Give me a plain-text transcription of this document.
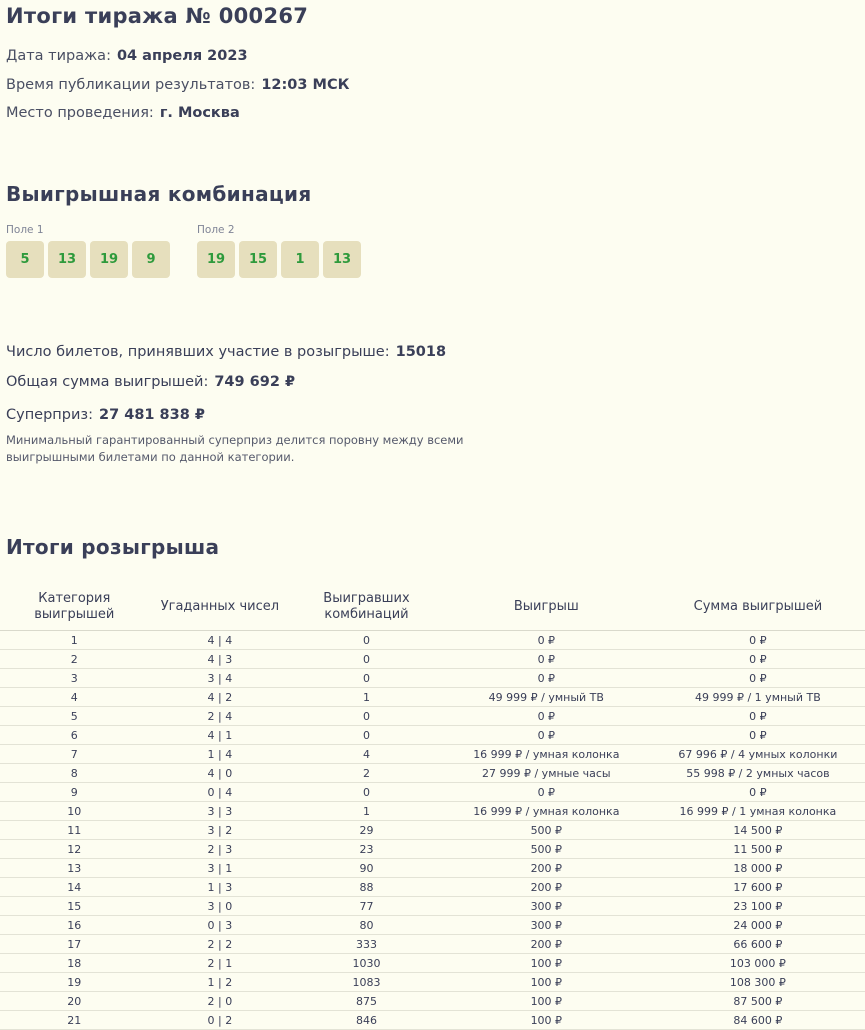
Итоги тиража № 000267
Дата тиража: 04 апреля 2023
Время публикации результатов: 12:03 МСК
Место проведения: г. Москва
Выигрышная комбинация
Поле 1
5	13	19	9
Поле 2
19	15	1	13
Число билетов, принявших участие в розыгрыше: 15018
Общая сумма выигрышей: 749 692 ₽
Суперприз: 27 481 838 ₽
Минимальный гарантированный суперприз делится поровну между всеми выигрышными билетами по данной категории.
Итоги розыгрыша
Категория выигрышей	Угаданных чисел	Выигравших комбинаций	Выигрыш	Сумма выигрышей
1	4 | 4	0	0 ₽	0 ₽
2	4 | 3	0	0 ₽	0 ₽
3	3 | 4	0	0 ₽	0 ₽
4	4 | 2	1	49 999 ₽ / умный ТВ	49 999 ₽ / 1 умный ТВ
5	2 | 4	0	0 ₽	0 ₽
6	4 | 1	0	0 ₽	0 ₽
7	1 | 4	4	16 999 ₽ / умная колонка	67 996 ₽ / 4 умных колонки
8	4 | 0	2	27 999 ₽ / умные часы	55 998 ₽ / 2 умных часов
9	0 | 4	0	0 ₽	0 ₽
10	3 | 3	1	16 999 ₽ / умная колонка	16 999 ₽ / 1 умная колонка
11	3 | 2	29	500 ₽	14 500 ₽
12	2 | 3	23	500 ₽	11 500 ₽
13	3 | 1	90	200 ₽	18 000 ₽
14	1 | 3	88	200 ₽	17 600 ₽
15	3 | 0	77	300 ₽	23 100 ₽
16	0 | 3	80	300 ₽	24 000 ₽
17	2 | 2	333	200 ₽	66 600 ₽
18	2 | 1	1030	100 ₽	103 000 ₽
19	1 | 2	1083	100 ₽	108 300 ₽
20	2 | 0	875	100 ₽	87 500 ₽
21	0 | 2	846	100 ₽	84 600 ₽
